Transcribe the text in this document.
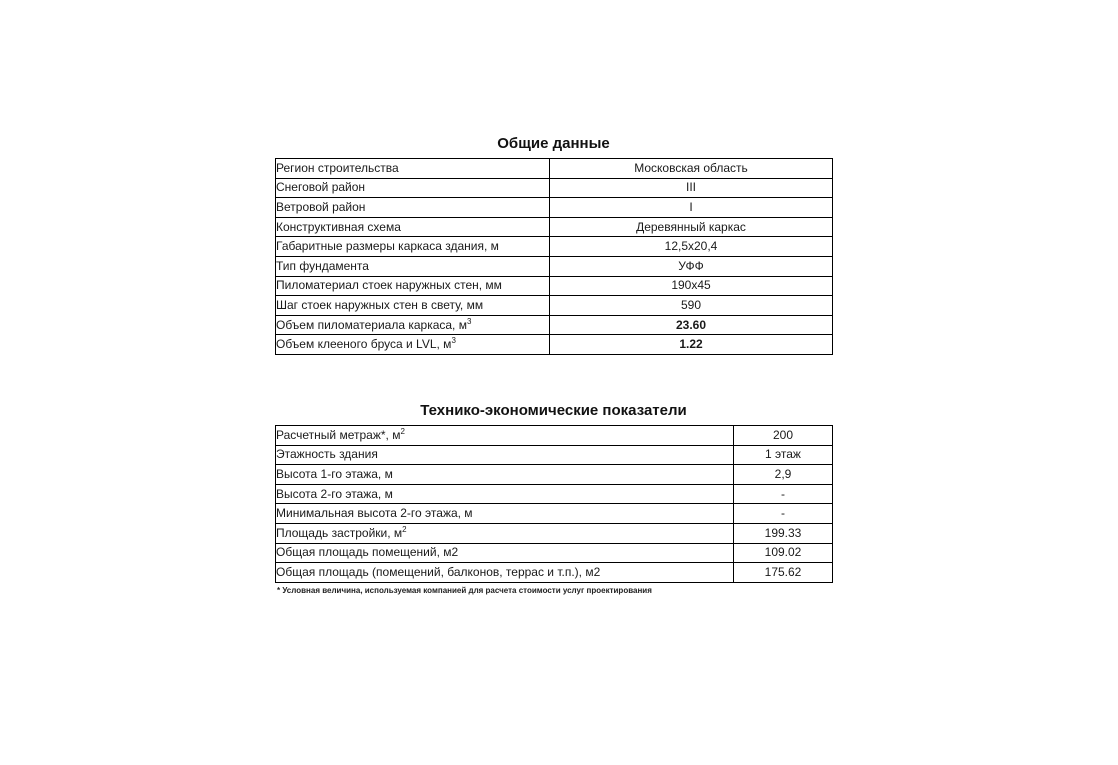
Общие данные
Регион строительства	Московская область
Снеговой район	III
Ветровой район	I
Конструктивная схема	Деревянный каркас
Габаритные размеры каркаса здания, м	12,5x20,4
Тип фундамента	УФФ
Пиломатериал стоек наружных стен, мм	190x45
Шаг стоек наружных стен в свету, мм	590
Объем пиломатериала каркаса, $м^3$	23.60
Объем клееного бруса и LVL, $м^3$	1.22
Технико-экономические показатели
Расчетный метраж*, $м^2$	200
Этажность здания	1 этаж
Высота 1-го этажа, м	2,9
Высота 2-го этажа, м	-
Минимальная высота 2-го этажа, м	-
Площадь застройки, $м^2$	199.33
Общая площадь помещений, м2	109.02
Общая площадь (помещений, балконов, террас и т.п.), м2	175.62

* Условная величина, используемая компанией для расчета стоимости услуг проектирования
